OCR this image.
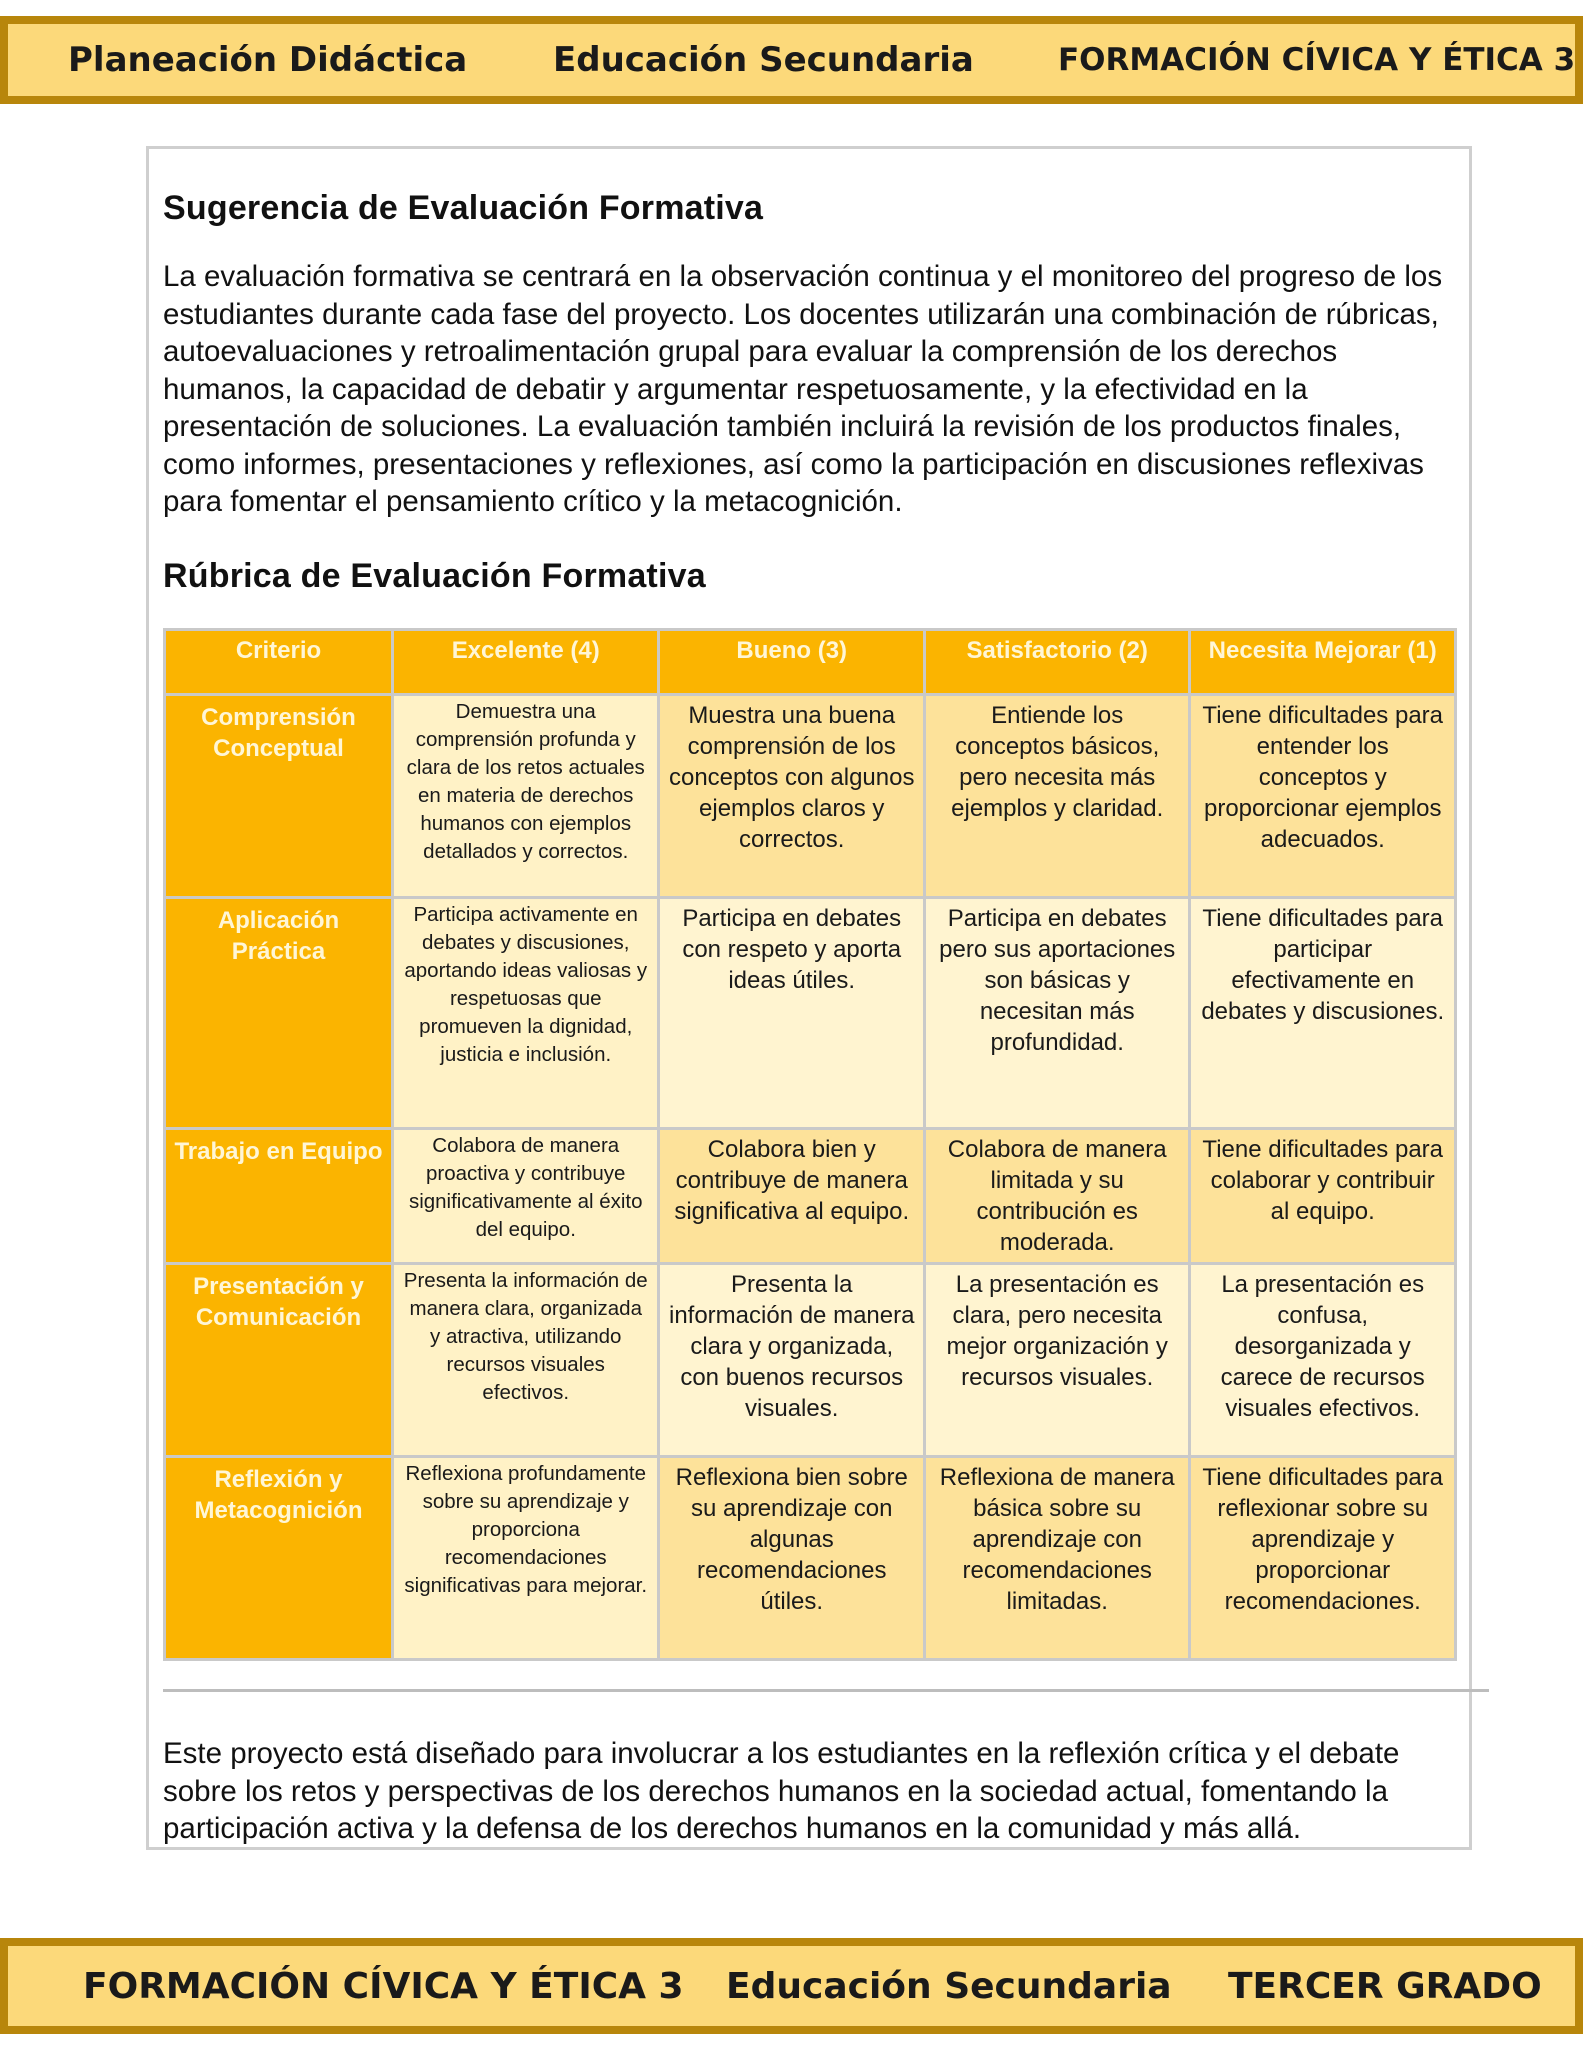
Planeación Didáctica	Educación Secundaria	FORMACIÓN CÍVICA Y ÉTICA 3
Sugerencia de Evaluación Formativa

La evaluación formativa se centrará en la observación continua y el monitoreo del progreso de los estudiantes durante cada fase del proyecto. Los docentes utilizarán una combinación de rúbricas, autoevaluaciones y retroalimentación grupal para evaluar la comprensión de los derechos humanos, la capacidad de debatir y argumentar respetuosamente, y la efectividad en la presentación de soluciones. La evaluación también incluirá la revisión de los productos finales, como informes, presentaciones y reflexiones, así como la participación en discusiones reflexivas para fomentar el pensamiento crítico y la metacognición.

Rúbrica de Evaluación Formativa
Criterio	Excelente (4)	Bueno (3)	Satisfactorio (2)	Necesita Mejorar (1)
Comprensión Conceptual	Demuestra una comprensión profunda y clara de los retos actuales en materia de derechos humanos con ejemplos detallados y correctos.	Muestra una buena comprensión de los conceptos con algunos ejemplos claros y correctos.	Entiende los conceptos básicos, pero necesita más ejemplos y claridad.	Tiene dificultades para entender los conceptos y proporcionar ejemplos adecuados.
Aplicación Práctica	Participa activamente en debates y discusiones, aportando ideas valiosas y respetuosas que promueven la dignidad, justicia e inclusión.	Participa en debates con respeto y aporta ideas útiles.	Participa en debates pero sus aportaciones son básicas y necesitan más profundidad.	Tiene dificultades para participar efectivamente en debates y discusiones.
Trabajo en Equipo	Colabora de manera proactiva y contribuye significativamente al éxito del equipo.	Colabora bien y contribuye de manera significativa al equipo.	Colabora de manera limitada y su contribución es moderada.	Tiene dificultades para colaborar y contribuir al equipo.
Presentación y Comunicación	Presenta la información de manera clara, organizada y atractiva, utilizando recursos visuales efectivos.	Presenta la información de manera clara y organizada, con buenos recursos visuales.	La presentación es clara, pero necesita mejor organización y recursos visuales.	La presentación es confusa, desorganizada y carece de recursos visuales efectivos.
Reflexión y Metacognición	Reflexiona profundamente sobre su aprendizaje y proporciona recomendaciones significativas para mejorar.	Reflexiona bien sobre su aprendizaje con algunas recomendaciones útiles.	Reflexiona de manera básica sobre su aprendizaje con recomendaciones limitadas.	Tiene dificultades para reflexionar sobre su aprendizaje y proporcionar recomendaciones.

Este proyecto está diseñado para involucrar a los estudiantes en la reflexión crítica y el debate sobre los retos y perspectivas de los derechos humanos en la sociedad actual, fomentando la participación activa y la defensa de los derechos humanos en la comunidad y más allá.

FORMACIÓN CÍVICA Y ÉTICA 3 Educación Secundaria TERCER GRADO
